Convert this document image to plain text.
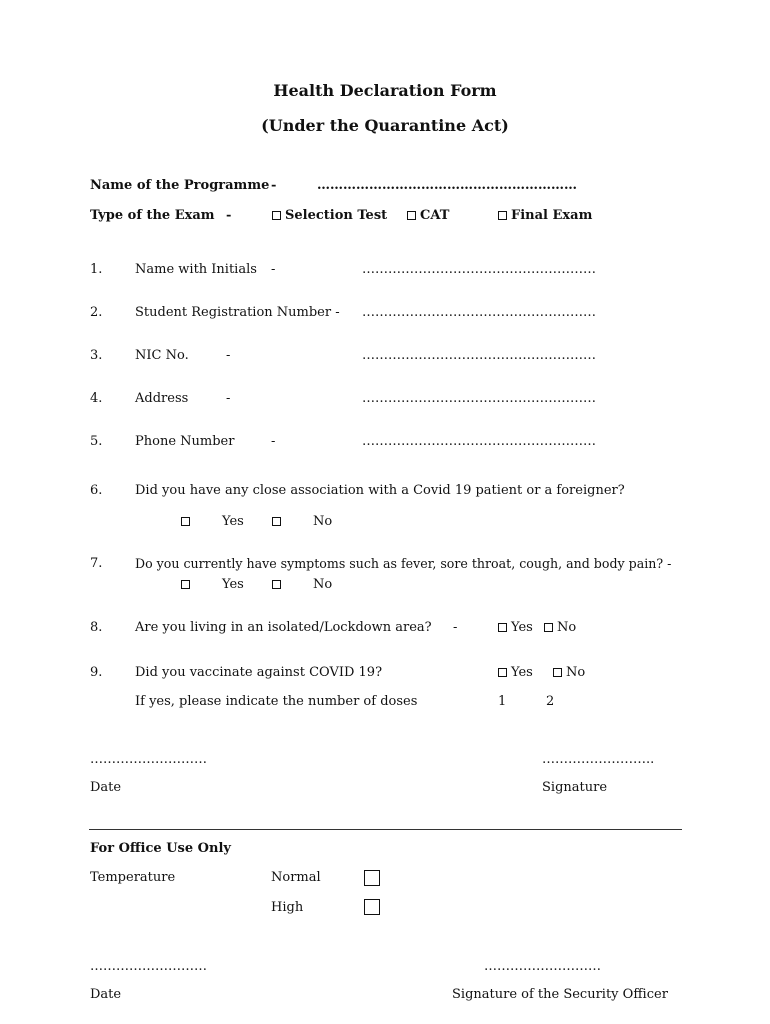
Health Declaration Form
(Under the Quarantine Act)
Name of the Programme -	……………………………………………………
Type of the Exam -	Selection Test	CAT	Final Exam
1.	Name with Initials -	………………………………………………
2.	Student Registration Number - ………………………………………………
3.	NIC No.	-	………………………………………………
4.	Address	-	………………………………………………
5.	Phone Number	-	………………………………………………
6.	Did you have any close association with a Covid 19 patient or a foreigner?
Yes	No
7.	Do you currently have symptoms such as fever, sore throat, cough, and body pain? -
Yes	No
8.	Are you living in an isolated/Lockdown area? -	Yes	No
9.	Did you vaccinate against COVID 19?	Yes	No
If yes, please indicate the number of doses	1	2
………………………	……………………..
Date	Signature
For Office Use Only
Temperature	Normal
High
………………………	………………………
Date	Signature of the Security Officer
